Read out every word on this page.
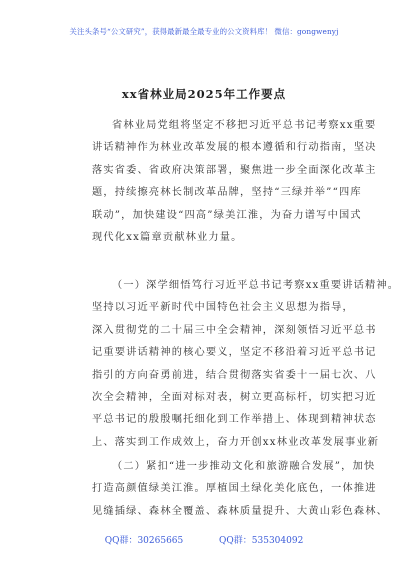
关注头条号“公文研究”，获得最新最全最专业的公文资料库！ 微信：gongwenyj
xx省林业局2025年工作要点
省林业局党组将坚定不移把习近平总书记考察xx重要
讲话精神作为林业改革发展的根本遵循和行动指南，坚决
落实省委、省政府决策部署，聚焦进一步全面深化改革主
题，持续擦亮林长制改革品牌，坚持“三绿并举”“四库
联动”，加快建设“四高”绿美江淮，为奋力谱写中国式
现代化xx篇章贡献林业力量。
（一）深学细悟笃行习近平总书记考察xx重要讲话精神。
坚持以习近平新时代中国特色社会主义思想为指导，
深入贯彻党的二十届三中全会精神，深刻领悟习近平总书
记重要讲话精神的核心要义，坚定不移沿着习近平总书记
指引的方向奋勇前进，结合贯彻落实省委十一届七次、八
次全会精神，全面对标对表，树立更高标杆，切实把习近
平总书记的殷殷嘱托细化到工作举措上、体现到精神状态
上、落实到工作成效上，奋力开创xx林业改革发展事业新
（二）紧扣“进一步推动文化和旅游融合发展”，加快
打造高颜值绿美江淮。厚植国土绿化美化底色，一体推进
见缝插绿、森林全覆盖、森林质量提升、大黄山彩色森林、
QQ群：30265665	QQ群：535304092
